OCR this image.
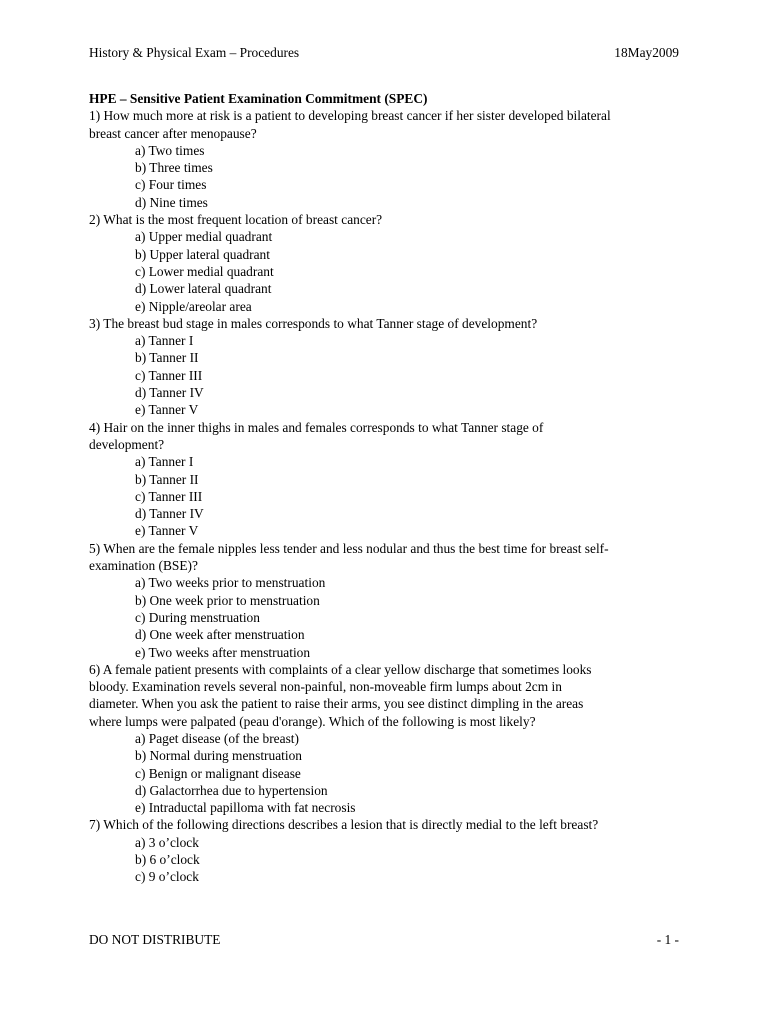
History & Physical Exam – Procedures	18May2009
HPE – Sensitive Patient Examination Commitment (SPEC)
1) How much more at risk is a patient to developing breast cancer if her sister developed bilateral
breast cancer after menopause?
a) Two times
b) Three times
c) Four times
d) Nine times
2) What is the most frequent location of breast cancer?
a) Upper medial quadrant
b) Upper lateral quadrant
c) Lower medial quadrant
d) Lower lateral quadrant
e) Nipple/areolar area
3) The breast bud stage in males corresponds to what Tanner stage of development?
a) Tanner I
b) Tanner II
c) Tanner III
d) Tanner IV
e) Tanner V
4) Hair on the inner thighs in males and females corresponds to what Tanner stage of
development?
a) Tanner I
b) Tanner II
c) Tanner III
d) Tanner IV
e) Tanner V
5) When are the female nipples less tender and less nodular and thus the best time for breast self-
examination (BSE)?
a) Two weeks prior to menstruation
b) One week prior to menstruation
c) During menstruation
d) One week after menstruation
e) Two weeks after menstruation
6) A female patient presents with complaints of a clear yellow discharge that sometimes looks
bloody. Examination revels several non-painful, non-moveable firm lumps about 2cm in
diameter. When you ask the patient to raise their arms, you see distinct dimpling in the areas
where lumps were palpated (peau d'orange). Which of the following is most likely?
a) Paget disease (of the breast)
b) Normal during menstruation
c) Benign or malignant disease
d) Galactorrhea due to hypertension
e) Intraductal papilloma with fat necrosis
7) Which of the following directions describes a lesion that is directly medial to the left breast?
a) 3 o’clock
b) 6 o’clock
c) 9 o’clock
DO NOT DISTRIBUTE	- 1 -
